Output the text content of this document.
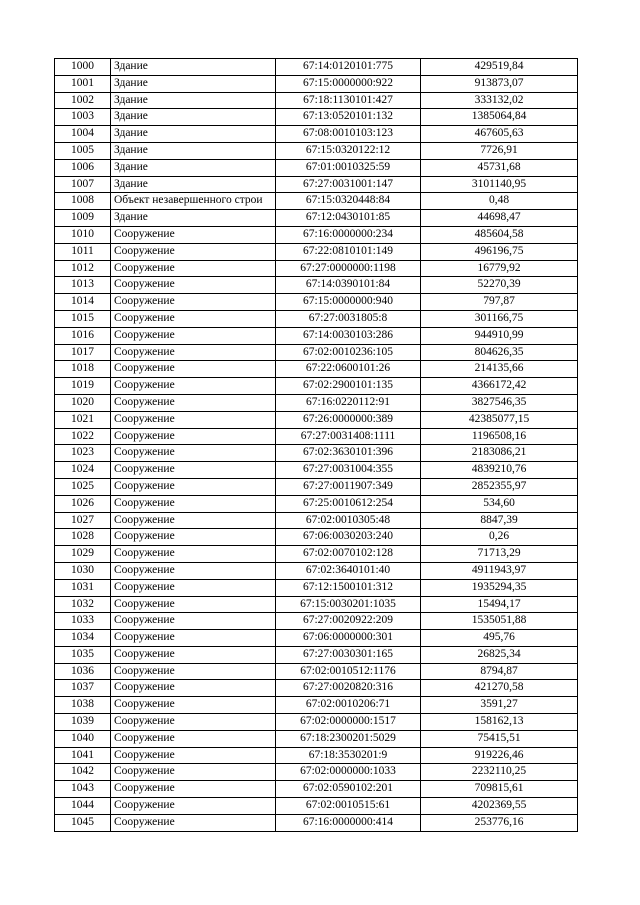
1000	Здание	67:14:0120101:775	429519,84
1001	Здание	67:15:0000000:922	913873,07
1002	Здание	67:18:1130101:427	333132,02
1003	Здание	67:13:0520101:132	1385064,84
1004	Здание	67:08:0010103:123	467605,63
1005	Здание	67:15:0320122:12	7726,91
1006	Здание	67:01:0010325:59	45731,68
1007	Здание	67:27:0031001:147	3101140,95
1008	Объект незавершенного строи	67:15:0320448:84	0,48
1009	Здание	67:12:0430101:85	44698,47
1010	Сооружение	67:16:0000000:234	485604,58
1011	Сооружение	67:22:0810101:149	496196,75
1012	Сооружение	67:27:0000000:1198	16779,92
1013	Сооружение	67:14:0390101:84	52270,39
1014	Сооружение	67:15:0000000:940	797,87
1015	Сооружение	67:27:0031805:8	301166,75
1016	Сооружение	67:14:0030103:286	944910,99
1017	Сооружение	67:02:0010236:105	804626,35
1018	Сооружение	67:22:0600101:26	214135,66
1019	Сооружение	67:02:2900101:135	4366172,42
1020	Сооружение	67:16:0220112:91	3827546,35
1021	Сооружение	67:26:0000000:389	42385077,15
1022	Сооружение	67:27:0031408:1111	1196508,16
1023	Сооружение	67:02:3630101:396	2183086,21
1024	Сооружение	67:27:0031004:355	4839210,76
1025	Сооружение	67:27:0011907:349	2852355,97
1026	Сооружение	67:25:0010612:254	534,60
1027	Сооружение	67:02:0010305:48	8847,39
1028	Сооружение	67:06:0030203:240	0,26
1029	Сооружение	67:02:0070102:128	71713,29
1030	Сооружение	67:02:3640101:40	4911943,97
1031	Сооружение	67:12:1500101:312	1935294,35
1032	Сооружение	67:15:0030201:1035	15494,17
1033	Сооружение	67:27:0020922:209	1535051,88
1034	Сооружение	67:06:0000000:301	495,76
1035	Сооружение	67:27:0030301:165	26825,34
1036	Сооружение	67:02:0010512:1176	8794,87
1037	Сооружение	67:27:0020820:316	421270,58
1038	Сооружение	67:02:0010206:71	3591,27
1039	Сооружение	67:02:0000000:1517	158162,13
1040	Сооружение	67:18:2300201:5029	75415,51
1041	Сооружение	67:18:3530201:9	919226,46
1042	Сооружение	67:02:0000000:1033	2232110,25
1043	Сооружение	67:02:0590102:201	709815,61
1044	Сооружение	67:02:0010515:61	4202369,55
1045	Сооружение	67:16:0000000:414	253776,16
